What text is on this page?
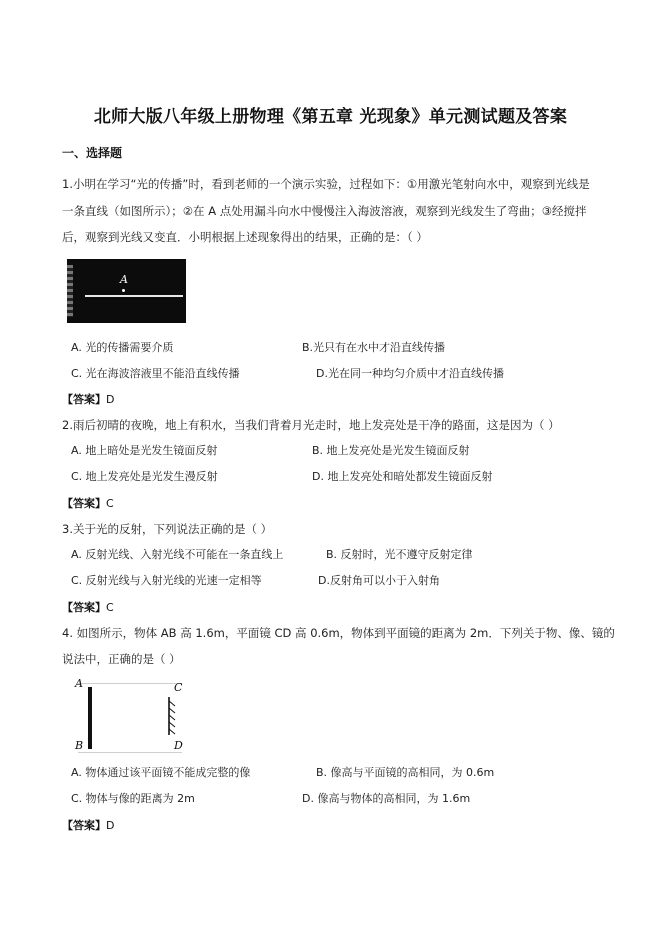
北师大版八年级上册物理《第五章 光现象》单元测试题及答案
一、选择题
1.小明在学习“光的传播”时，看到老师的一个演示实验，过程如下：①用激光笔射向水中，观察到光线是
一条直线（如图所示）；②在 A 点处用漏斗向水中慢慢注入海波溶液，观察到光线发生了弯曲；③经搅拌
后，观察到光线又变直．小明根据上述现象得出的结果，正确的是：（ ）
A
A. 光的传播需要介质	B.光只有在水中才沿直线传播
C. 光在海波溶液里不能沿直线传播	D.光在同一种均匀介质中才沿直线传播
【答案】D
2.雨后初晴的夜晚，地上有积水，当我们背着月光走时，地上发亮处是干净的路面，这是因为（ ）
A. 地上暗处是光发生镜面反射	B. 地上发亮处是光发生镜面反射
C. 地上发亮处是光发生漫反射	D. 地上发亮处和暗处都发生镜面反射
【答案】C
3.关于光的反射，下列说法正确的是（ ）
A. 反射光线、入射光线不可能在一条直线上	B. 反射时，光不遵守反射定律
C. 反射光线与入射光线的光速一定相等	D.反射角可以小于入射角
【答案】C
4. 如图所示，物体 AB 高 1.6m，平面镜 CD 高 0.6m，物体到平面镜的距离为 2m．下列关于物、像、镜的
说法中，正确的是（ ）
A
B
C
D
A. 物体通过该平面镜不能成完整的像	B. 像高与平面镜的高相同，为 0.6m
C. 物体与像的距离为 2m	D. 像高与物体的高相同，为 1.6m
【答案】D
